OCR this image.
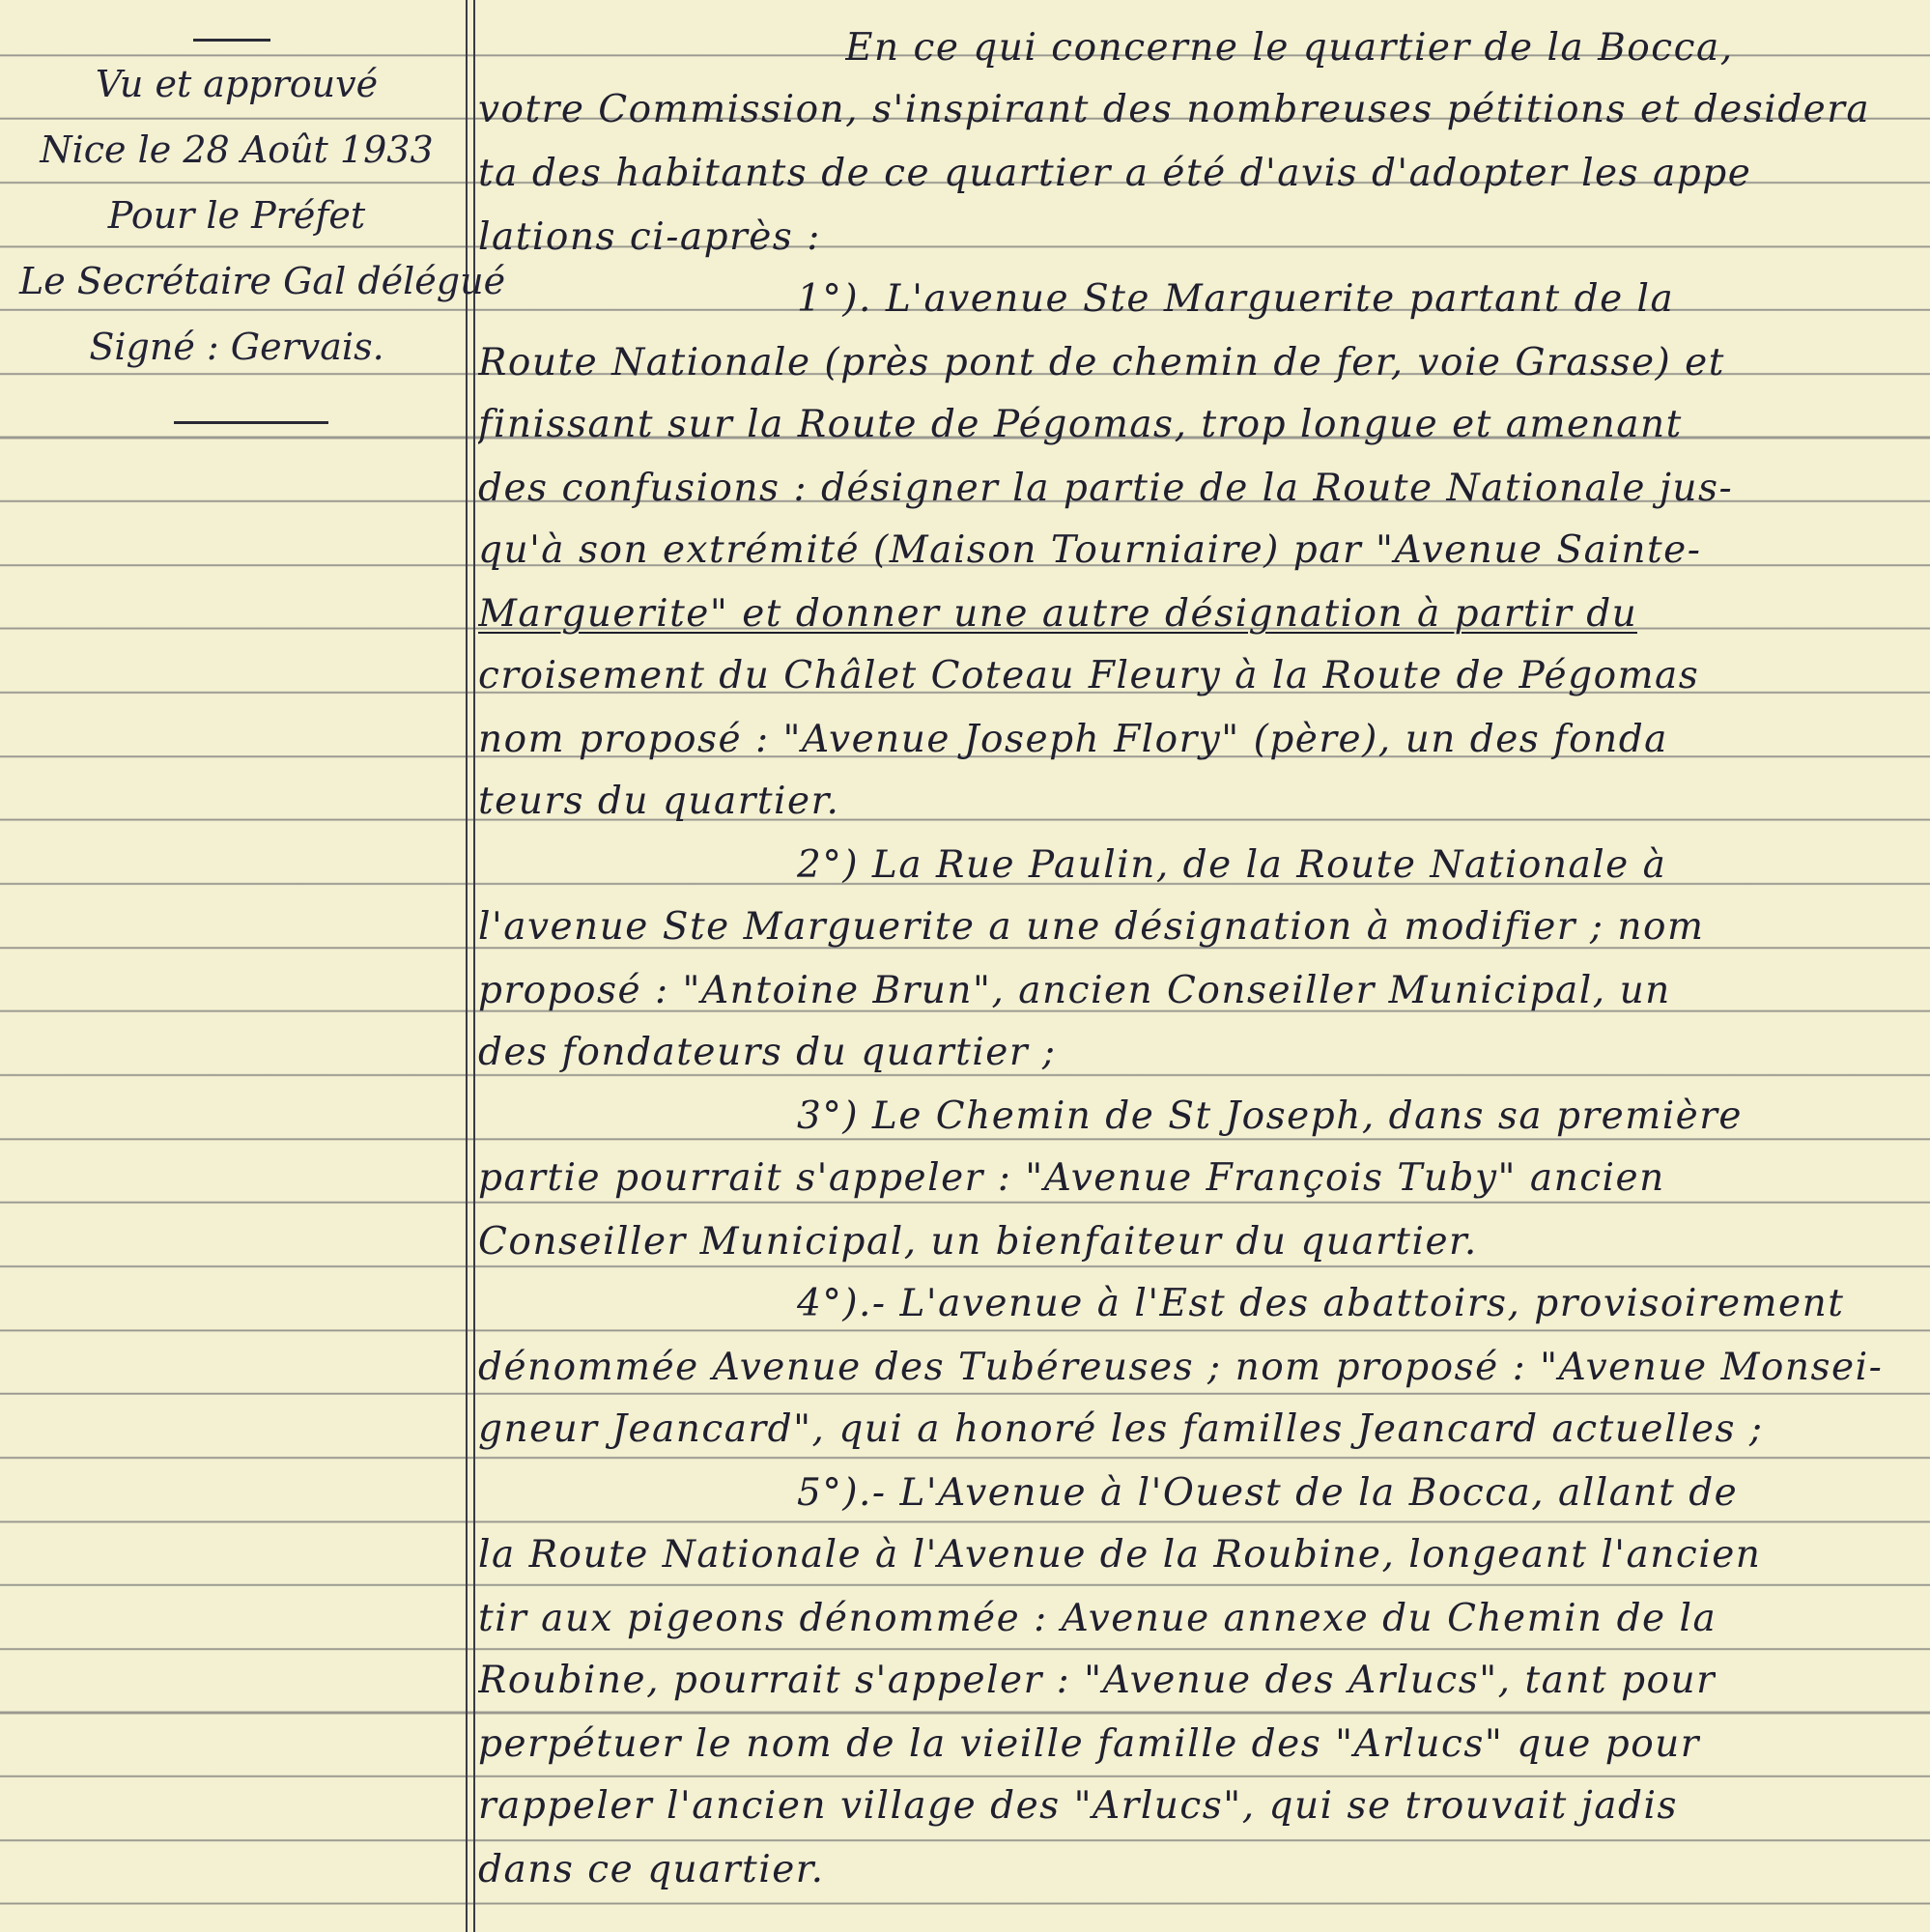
Vu et approuvé
Nice le 28 Août 1933
Pour le Préfet
Le Secrétaire Gal délégué
Signé : Gervais.
En ce qui concerne le quartier de la Bocca,
votre Commission, s'inspirant des nombreuses pétitions et desidera
ta des habitants de ce quartier a été d'avis d'adopter les appe
lations ci-après :
1°). L'avenue Ste Marguerite partant de la
Route Nationale (près pont de chemin de fer, voie Grasse) et
finissant sur la Route de Pégomas, trop longue et amenant
des confusions : désigner la partie de la Route Nationale jus-
qu'à son extrémité (Maison Tourniaire) par "Avenue Sainte-
Marguerite" et donner une autre désignation à partir du
croisement du Châlet Coteau Fleury à la Route de Pégomas
nom proposé : "Avenue Joseph Flory" (père), un des fonda
teurs du quartier.
2°) La Rue Paulin, de la Route Nationale à
l'avenue Ste Marguerite a une désignation à modifier ; nom
proposé : "Antoine Brun", ancien Conseiller Municipal, un
des fondateurs du quartier ;
3°) Le Chemin de St Joseph, dans sa première
partie pourrait s'appeler : "Avenue François Tuby" ancien
Conseiller Municipal, un bienfaiteur du quartier.
4°).- L'avenue à l'Est des abattoirs, provisoirement
dénommée Avenue des Tubéreuses ; nom proposé : "Avenue Monsei-
gneur Jeancard", qui a honoré les familles Jeancard actuelles ;
5°).- L'Avenue à l'Ouest de la Bocca, allant de
la Route Nationale à l'Avenue de la Roubine, longeant l'ancien
tir aux pigeons dénommée : Avenue annexe du Chemin de la
Roubine, pourrait s'appeler : "Avenue des Arlucs", tant pour
perpétuer le nom de la vieille famille des "Arlucs" que pour
rappeler l'ancien village des "Arlucs", qui se trouvait jadis
dans ce quartier.
